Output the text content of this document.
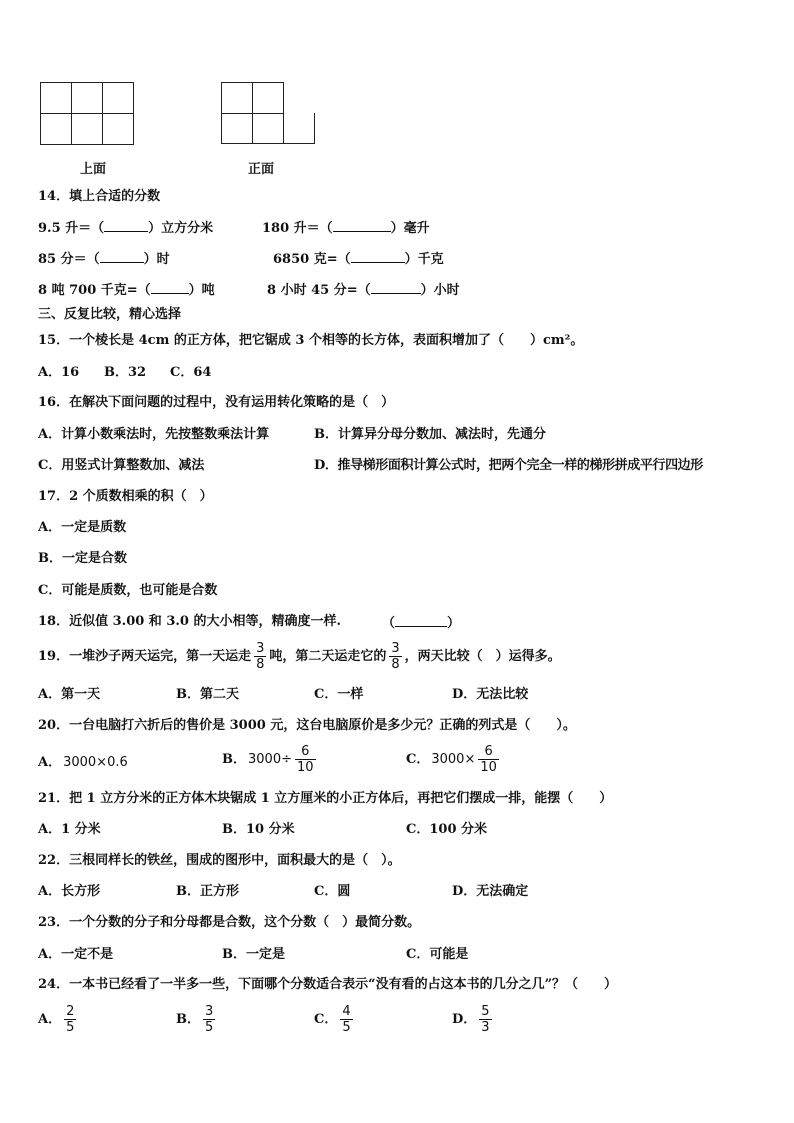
上面	正面
14．填上合适的分数
9.5 升＝（	）立方分米	180 升＝（	）毫升
85 分＝（	）时	6850 克=（	）千克
8 吨 700 千克=（	）吨	8 小时 45 分=（	）小时
三、反复比较，精心选择
15．一个棱长是 4cm 的正方体，把它锯成 3 个相等的长方体，表面积增加了（　　）cm²。
A．16 B．32 C．64
16．在解决下面问题的过程中，没有运用转化策略的是（　）
A．计算小数乘法时，先按整数乘法计算	B．计算异分母分数加、减法时，先通分
C．用竖式计算整数加、减法	D．推导梯形面积计算公式时，把两个完全一样的梯形拼成平行四边形
17．2 个质数相乘的积（　）
A．一定是质数
B．一定是合数
C．可能是质数，也可能是合数
18．近似值 3.00 和 3.0 的大小相等，精确度一样.	（	）
19．一堆沙子两天运完，第一天运走 $\frac{3}{8}$ 吨，第二天运走它的 $\frac{3}{8}$ ，两天比较（　）运得多。
A．第一天	B．第二天	C．一样	D．无法比较
20．一台电脑打六折后的售价是 3000 元，这台电脑原价是多少元？正确的列式是（　　）。
A． 3000×0.6	B． $3000\div \frac{6}{10}$	C． $3000\times \frac{6}{10}$
21．把 1 立方分米的正方体木块锯成 1 立方厘米的小正方体后，再把它们摆成一排，能摆（　　）
A．1 分米	B．10 分米	C．100 分米
22．三根同样长的铁丝，围成的图形中，面积最大的是（　）。
A．长方形	B．正方形	C．圆	D．无法确定
23．一个分数的分子和分母都是合数，这个分数（　）最简分数。
A．一定不是	B．一定是	C．可能是
24．一本书已经看了一半多一些，下面哪个分数适合表示“没有看的占这本书的几分之几”？（　　）
A． $\frac{2}{5}$	B． $\frac{3}{5}$	C． $\frac{4}{5}$	D． $\frac{5}{3}$
